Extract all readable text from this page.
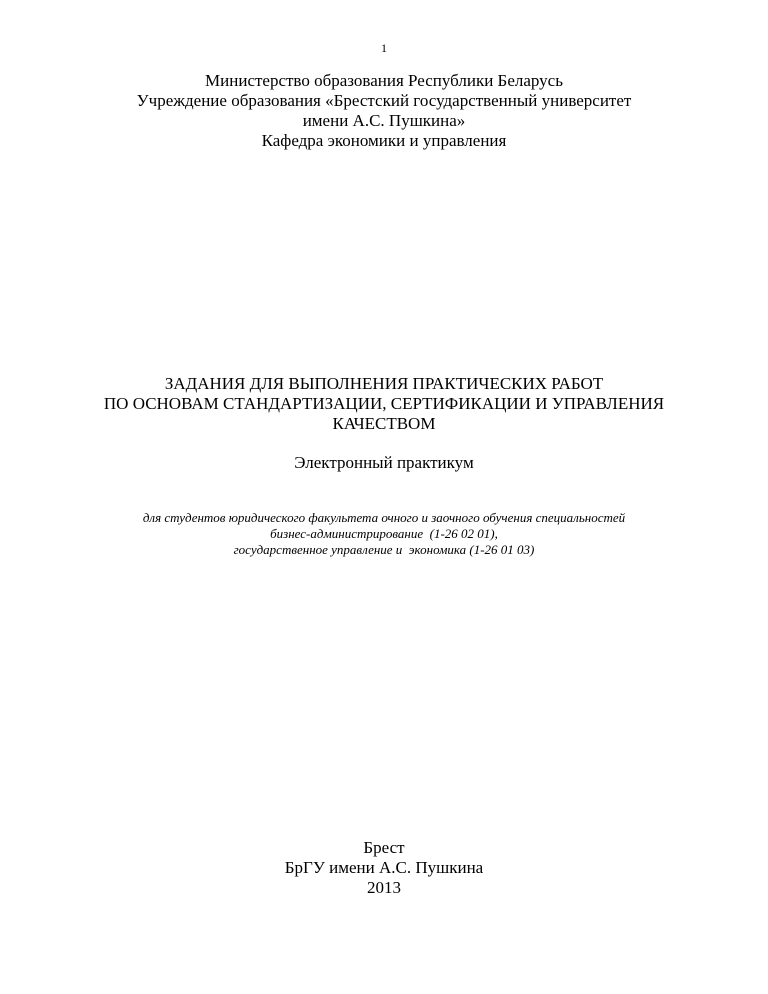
1
Министерство образования Республики Беларусь
Учреждение образования «Брестский государственный университет
имени А.С. Пушкина»
Кафедра экономики и управления
ЗАДАНИЯ ДЛЯ ВЫПОЛНЕНИЯ ПРАКТИЧЕСКИХ РАБОТ
ПО ОСНОВАМ СТАНДАРТИЗАЦИИ, СЕРТИФИКАЦИИ И УПРАВЛЕНИЯ
КАЧЕСТВОМ
Электронный практикум
для студентов юридического факультета очного и заочного обучения специальностей
бизнес-администрирование  (1-26 02 01),
государственное управление и  экономика (1-26 01 03)
Брест
БрГУ имени А.С. Пушкина
2013
